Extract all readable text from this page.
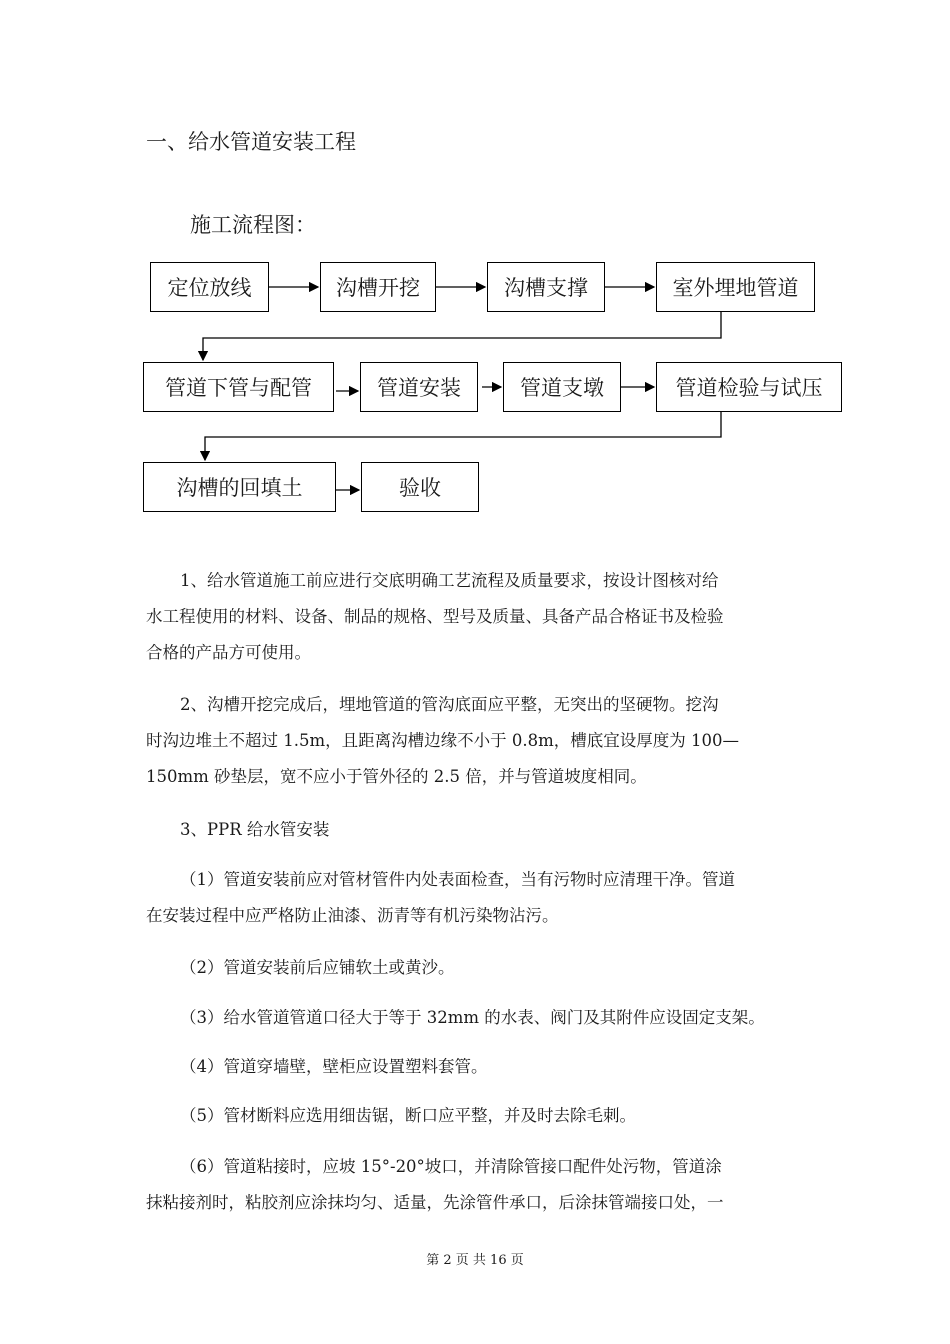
一、给水管道安装工程
施工流程图：
定位放线	沟槽开挖	沟槽支撑	室外埋地管道
管道下管与配管	管道安装	管道支墩	管道检验与试压
沟槽的回填土	验收
1、给水管道施工前应进行交底明确工艺流程及质量要求，按设计图核对给
水工程使用的材料、设备、制品的规格、型号及质量、具备产品合格证书及检验
合格的产品方可使用。
2、沟槽开挖完成后，埋地管道的管沟底面应平整，无突出的坚硬物。挖沟
时沟边堆土不超过 1.5m，且距离沟槽边缘不小于 0.8m，槽底宜设厚度为 100—
150mm 砂垫层，宽不应小于管外径的 2.5 倍，并与管道坡度相同。
3、PPR 给水管安装
（1）管道安装前应对管材管件内处表面检查，当有污物时应清理干净。管道
在安装过程中应严格防止油漆、沥青等有机污染物沾污。
（2）管道安装前后应铺软土或黄沙。
（3）给水管道管道口径大于等于 32mm 的水表、阀门及其附件应设固定支架。
（4）管道穿墙壁，壁柜应设置塑料套管。
（5）管材断料应选用细齿锯，断口应平整，并及时去除毛刺。
（6）管道粘接时，应坡 15°-20°坡口，并清除管接口配件处污物，管道涂
抹粘接剂时，粘胶剂应涂抹均匀、适量，先涂管件承口，后涂抹管端接口处，一
第 2 页 共 16 页
